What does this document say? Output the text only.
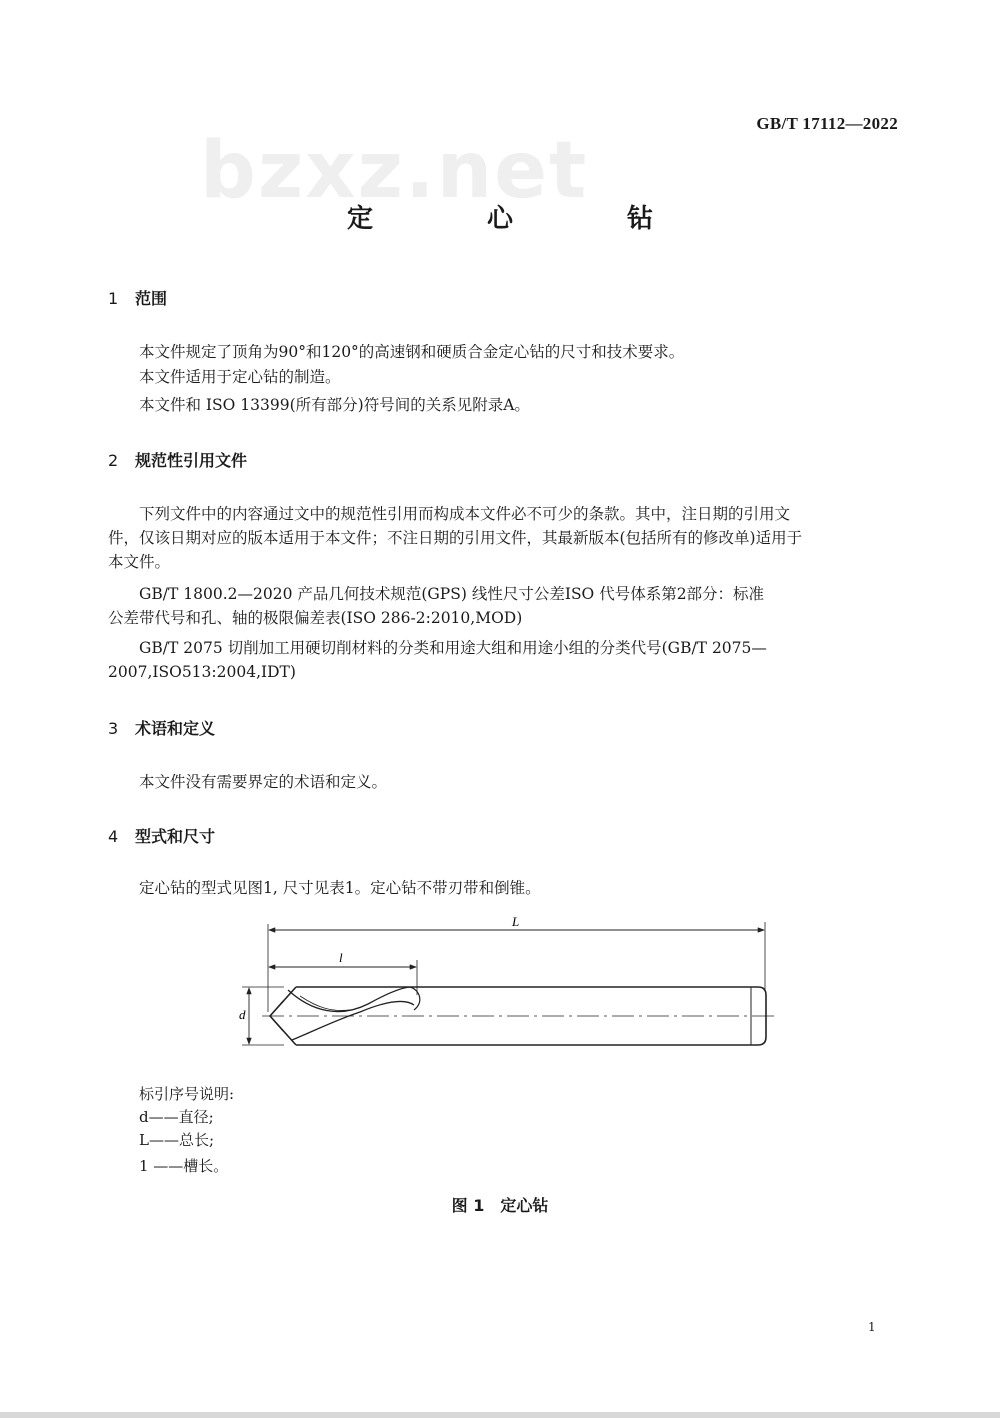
GB/T 17112—2022
bzxz.net
定　心　钻
1 范围
本文件规定了顶角为90°和120°的高速钢和硬质合金定心钻的尺寸和技术要求。
本文件适用于定心钻的制造。
本文件和 ISO 13399(所有部分)符号间的关系见附录A。
2 规范性引用文件
下列文件中的内容通过文中的规范性引用而构成本文件必不可少的条款。其中，注日期的引用文
件，仅该日期对应的版本适用于本文件；不注日期的引用文件，其最新版本(包括所有的修改单)适用于
本文件。
GB/T 1800.2—2020 产品几何技术规范(GPS) 线性尺寸公差ISO 代号体系第2部分：标准
公差带代号和孔、轴的极限偏差表(ISO 286-2:2010,MOD)
GB/T 2075 切削加工用硬切削材料的分类和用途大组和用途小组的分类代号(GB/T 2075—
2007,ISO513:2004,IDT)
3 术语和定义
本文件没有需要界定的术语和定义。
4 型式和尺寸
定心钻的型式见图1, 尺寸见表1。定心钻不带刃带和倒锥。
L
l
d
标引序号说明:
d——直径;
L——总长;
1 ——槽长。
图 1　定心钻
1
